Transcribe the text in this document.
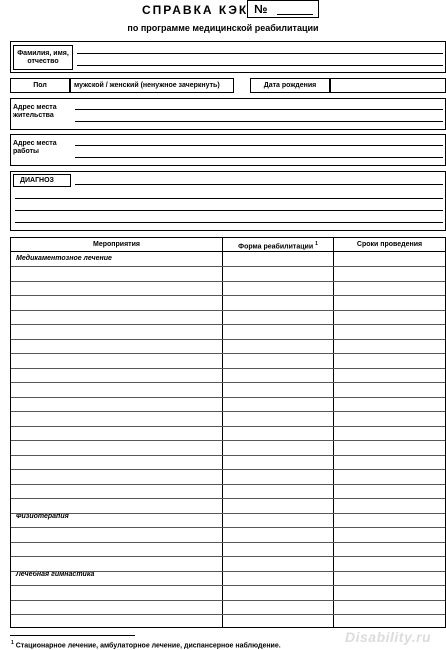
СПРАВКА КЭК №
по программе медицинской реабилитации
Фамилия, имя, отчество
Пол	мужской / женский (ненужное зачеркнуть)	Дата рождения
Адрес места жительства
Адрес места работы
ДИАГНОЗ
Мероприятия	Форма реабилитации $^1$	Сроки проведения
Медикаментозное лечение
Физиотерапия
Лечебная гимнастика
$^1$ Стационарное лечение, амбулаторное лечение, диспансерное наблюдение.
Disability.ru
